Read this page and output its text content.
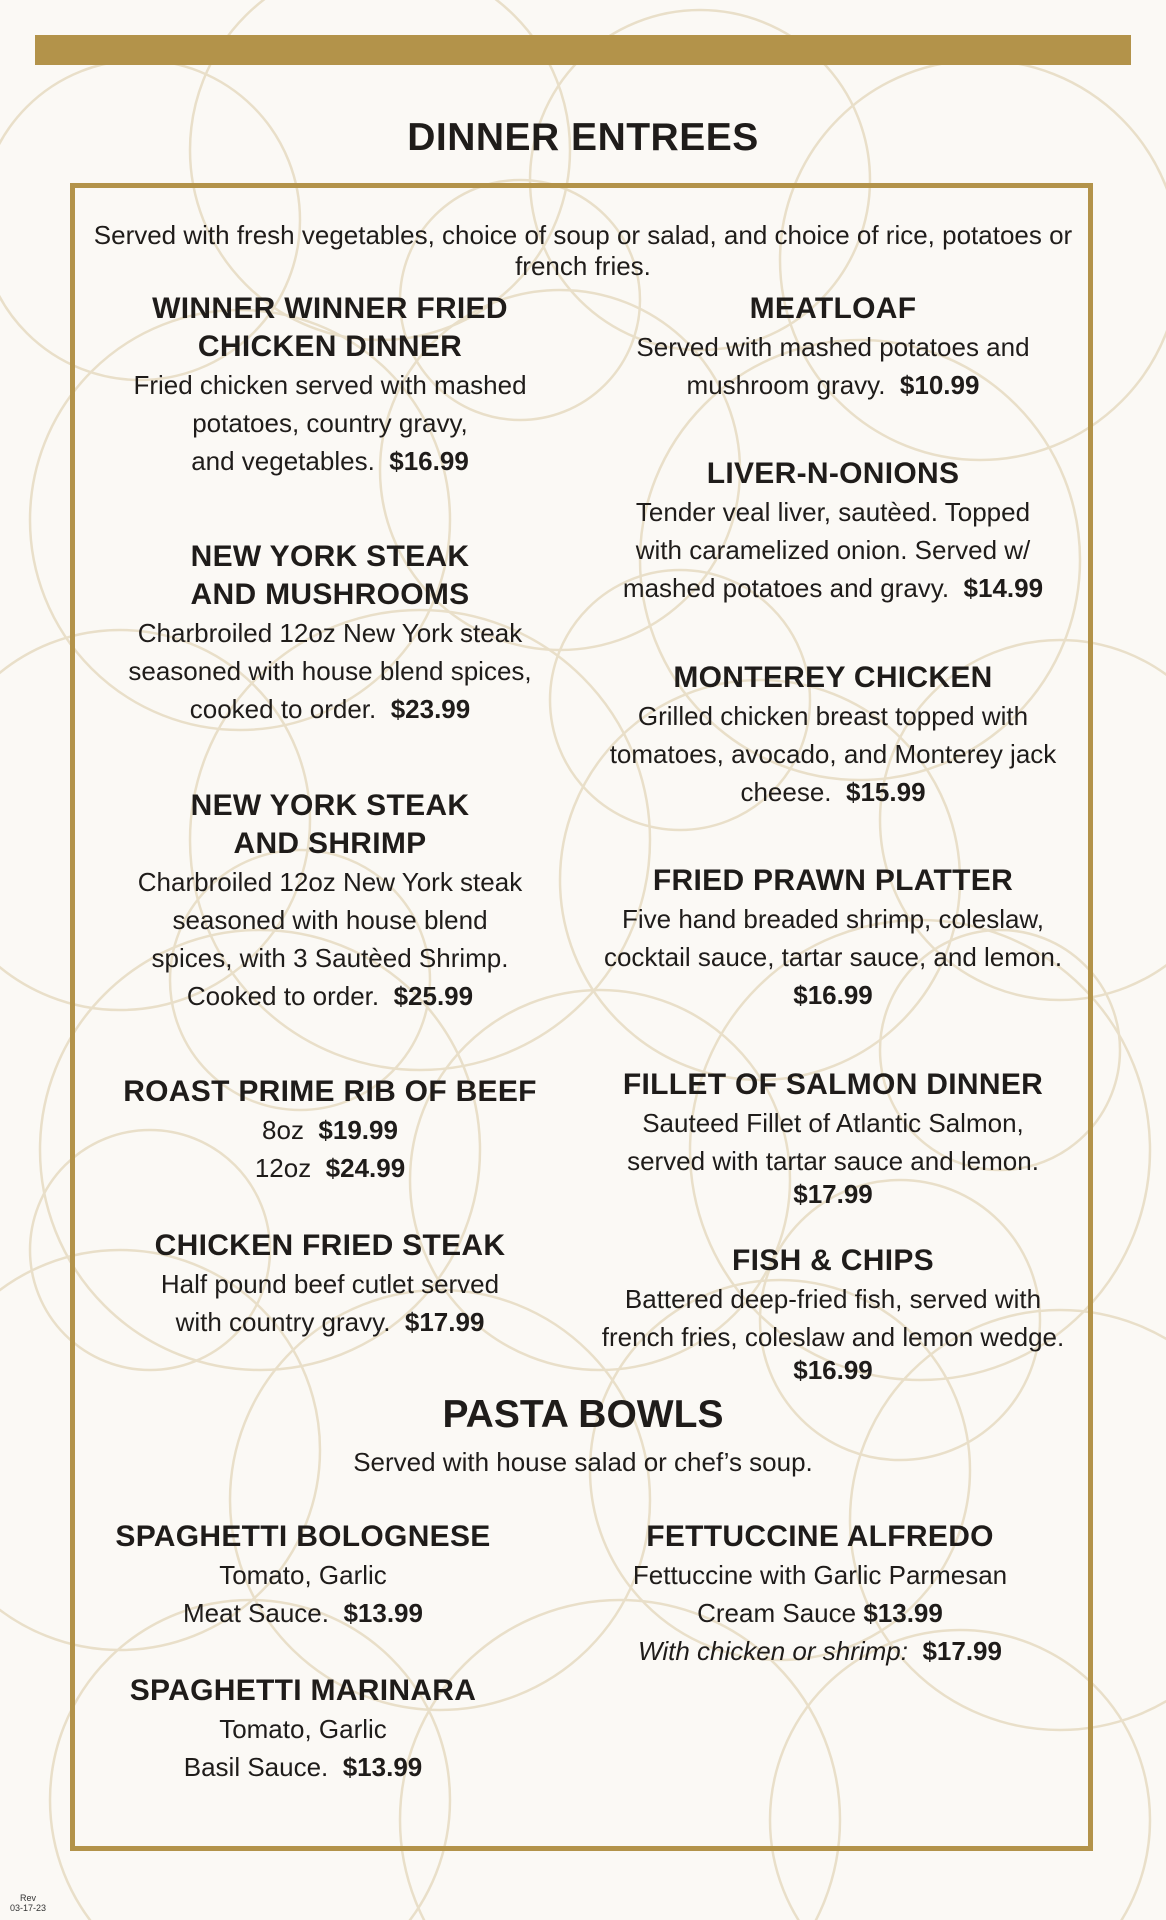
DINNER ENTREES
Served with fresh vegetables, choice of soup or salad, and choice of rice, potatoes or french fries.
WINNER WINNER FRIED
CHICKEN DINNER

Fried chicken served with mashed
potatoes, country gravy,
and vegetables. $16.99

NEW YORK STEAK
AND MUSHROOMS

Charbroiled 12oz New York steak
seasoned with house blend spices,
cooked to order. $23.99

NEW YORK STEAK
AND SHRIMP

Charbroiled 12oz New York steak
seasoned with house blend
spices, with 3 Sautèed Shrimp.
Cooked to order. $25.99

ROAST PRIME RIB OF BEEF

8oz $19.99
12oz $24.99

CHICKEN FRIED STEAK

Half pound beef cutlet served
with country gravy. $17.99

MEATLOAF

Served with mashed potatoes and
mushroom gravy. $10.99

LIVER-N-ONIONS

Tender veal liver, sautèed. Topped
with caramelized onion. Served w/
mashed potatoes and gravy. $14.99

MONTEREY CHICKEN

Grilled chicken breast topped with
tomatoes, avocado, and Monterey jack
cheese. $15.99

FRIED PRAWN PLATTER

Five hand breaded shrimp, coleslaw,
cocktail sauce, tartar sauce, and lemon.
$16.99

FILLET OF SALMON DINNER

Sauteed Fillet of Atlantic Salmon,
served with tartar sauce and lemon.

$17.99

FISH & CHIPS

Battered deep-fried fish, served with
french fries, coleslaw and lemon wedge.

$16.99

PASTA BOWLS
Served with house salad or chef’s soup.
SPAGHETTI BOLOGNESE

Tomato, Garlic
Meat Sauce. $13.99

SPAGHETTI MARINARA

Tomato, Garlic
Basil Sauce. $13.99

FETTUCCINE ALFREDO

Fettuccine with Garlic Parmesan
Cream Sauce $13.99
With chicken or shrimp: $17.99

Rev
03-17-23
